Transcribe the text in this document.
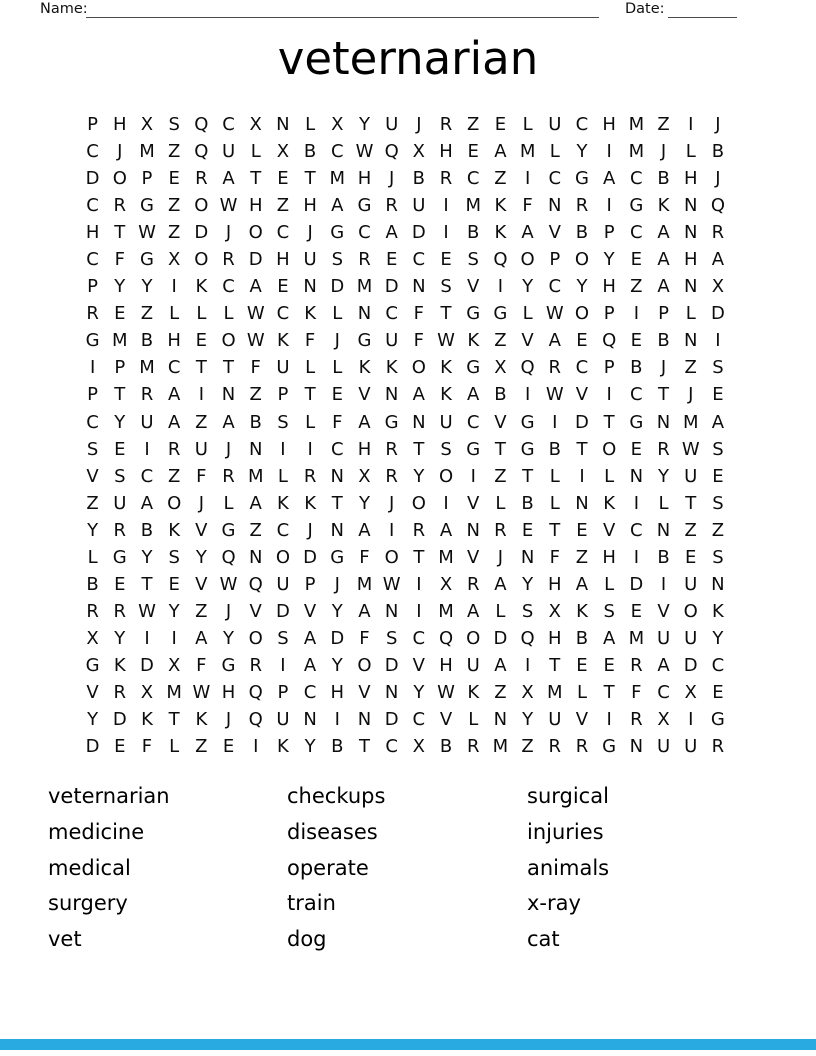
Name:	Date:
veternarian
P H X S Q C X N L X Y U J	R Z E L U C H M Z	I	J
C	J M Z Q U L X B C W Q X H E A M L Y	I M J	L B
D O P E R A T E T M H J	B R C Z	I	C G A C B H J
C R G Z O W H Z H A G R U I M K F N R	I G K N Q
H T W Z D J O C	J G C A D I	B K A V B P C A N R
C F G X O R D H U S R E C E S Q O P O Y E A H A
P Y Y	I	K C A E N D M D N S V	I	Y C Y H Z A N X
R E Z L L L W C K L N C F T G G L W O P	I	P L D
G M B H E O W K F	J G U F W K Z V A E Q E B N I
I	P M C T T F U L L K K O K G X Q R C P B	J	Z S
P T R A	I N Z P T E V N A K A B	I W V	I	C T	J	E
C Y U A Z A B S L F A G N U C V G I D T G N M A
S E	I	R U J N I	I	C H R T S G T G B T O E R W S
V S C Z F R M L R N X R Y O I	Z T L	I	L N Y U E
Z U A O J	L A K K T Y	J O I	V L B L N K	I	L T S
Y R B K V G Z C	J N A	I	R A N R E T E V C N Z Z
L G Y S Y Q N O D G F O T M V	J N F Z H I	B E S
B E T E V W Q U P	J M W I	X R A Y H A L D I U N
R R W Y Z	J	V D V Y A N I M A L S X K S E V O K
X Y	I	I	A Y O S A D F S C Q O D Q H B A M U U Y
G K D X F G R	I	A Y O D V H U A	I	T E E R A D C
V R X M W H Q P C H V N Y W K Z X M L T F C X E
Y D K T K	J Q U N I N D C V L N Y U V	I	R X	I G
D E F L Z E	I	K Y B T C X B R M Z R R G N U U R
veternarian
medicine
medical
surgery
vet
checkups
diseases
operate
train
dog
surgical
injuries
animals
x-ray
cat
